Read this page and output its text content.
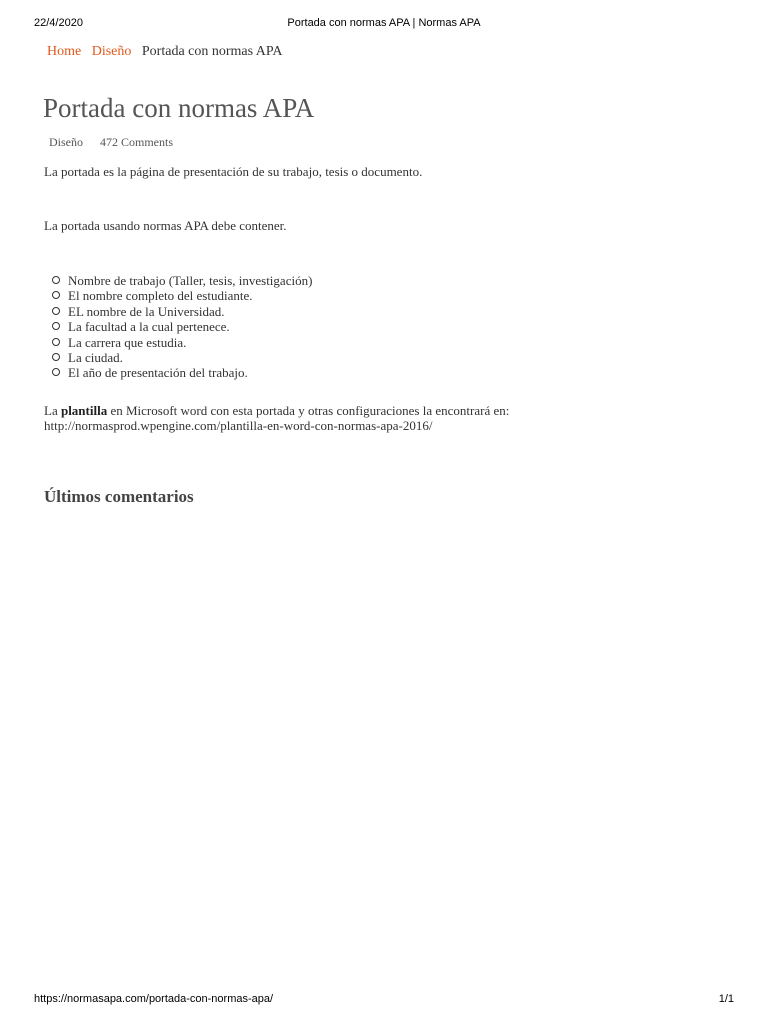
22/4/2020	Portada con normas APA | Normas APA
Home Diseño Portada con normas APA
Portada con normas APA
Diseño 472 Comments

La portada es la página de presentación de su trabajo, tesis o documento.

La portada usando normas APA debe contener.

Nombre de trabajo (Taller, tesis, investigación)
El nombre completo del estudiante.
EL nombre de la Universidad.
La facultad a la cual pertenece.
La carrera que estudia.
La ciudad.
El año de presentación del trabajo.

La plantilla en Microsoft word con esta portada y otras configuraciones la encontrará en: http://normasprod.wpengine.com/plantilla-en-word-con-normas-apa-2016/

Últimos comentarios
https://normasapa.com/portada-con-normas-apa/	1/1
